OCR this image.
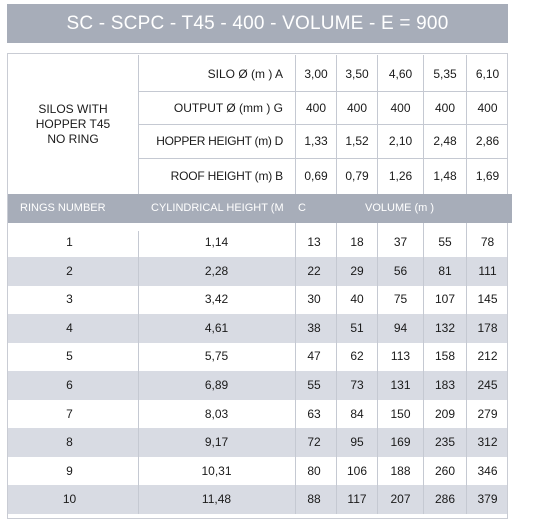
SC - SCPC - T45 - 400 - VOLUME - E = 900
SILOS WITH
HOPPER T45
NO RING
SILO Ø (m ) A	3,00	3,50	4,60	5,35	6,10
OUTPUT Ø (mm ) G	400	400	400	400	400
HOPPER HEIGHT (m) D	1,33	1,52	2,10	2,48	2,86
ROOF HEIGHT (m) B	0,69	0,79	1,26	1,48	1,69
RINGS NUMBER	CYLINDRICAL HEIGHT (M	C	VOLUME (m )
1	1,14	13	18	37	55	78
2	2,28	22	29	56	81	111
3	3,42	30	40	75	107	145
4	4,61	38	51	94	132	178
5	5,75	47	62	113	158	212
6	6,89	55	73	131	183	245
7	8,03	63	84	150	209	279
8	9,17	72	95	169	235	312
9	10,31	80	106	188	260	346
10	11,48	88	117	207	286	379
